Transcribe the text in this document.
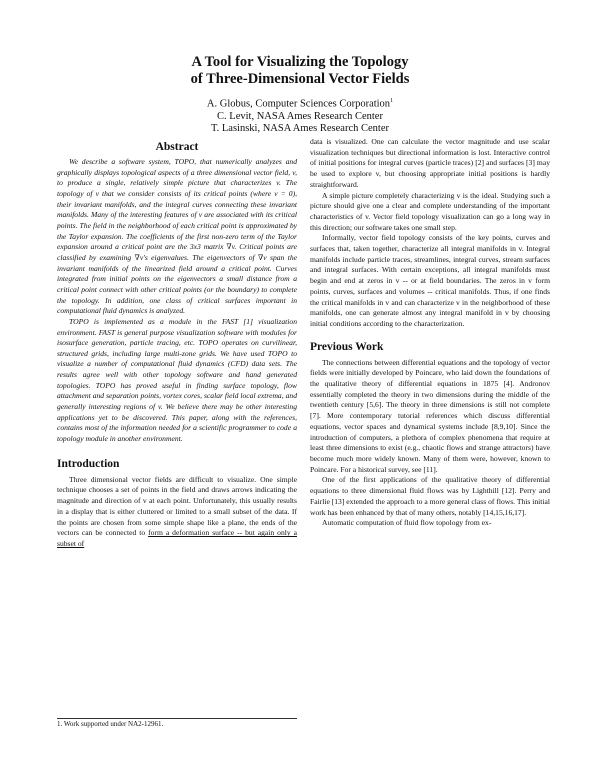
A Tool for Visualizing the Topology
of Three-Dimensional Vector Fields
A. Globus, Computer Sciences Corporation$^1$
C. Levit, NASA Ames Research Center
T. Lasinski, NASA Ames Research Center
Abstract

We describe a software system, TOPO, that numerically analyzes and graphically displays topological aspects of a three dimensional vector field, v, to produce a single, relatively simple picture that characterizes v. The topology of v that we consider consists of its critical points (where v = 0), their invariant manifolds, and the integral curves connecting these invariant manifolds. Many of the interesting features of v are associated with its critical points. The field in the neighborhood of each critical point is approximated by the Taylor expansion. The coefficients of the first non-zero term of the Taylor expansion around a critical point are the 3x3 matrix ∇v. Critical points are classified by examining ∇v's eigenvalues. The eigenvectors of ∇v span the invariant manifolds of the linearized field around a critical point. Curves integrated from initial points on the eigenvectors a small distance from a critical point connect with other critical points (or the boundary) to complete the topology. In addition, one class of critical surfaces important in computational fluid dynamics is analyzed.

TOPO is implemented as a module in the FAST [1] visualization environment. FAST is general purpose visualization software with modules for isosurface generation, particle tracing, etc. TOPO operates on curvilinear, structured grids, including large multi-zone grids. We have used TOPO to visualize a number of computational fluid dynamics (CFD) data sets. The results agree well with other topology software and hand generated topologies. TOPO has proved useful in finding surface topology, flow attachment and separation points, vortex cores, scalar field local extrema, and generally interesting regions of v. We believe there may be other interesting applications yet to be discovered. This paper, along with the references, contains most of the information needed for a scientific programmer to code a topology module in another environment.

Introduction

Three dimensional vector fields are difficult to visualize. One simple technique chooses a set of points in the field and draws arrows indicating the magnitude and direction of v at each point. Unfortunately, this usually results in a display that is either cluttered or limited to a small subset of the data. If the points are chosen from some simple shape like a plane, the ends of the vectors can be connected to form a deformation surface -- but again only a subset of

1. Work supported under NA2-12961.

data is visualized. One can calculate the vector magnitude and use scalar visualization techniques but directional information is lost. Interactive control of initial positions for integral curves (particle traces) [2] and surfaces [3] may be used to explore v, but choosing appropriate initial positions is hardly straightforward.

A simple picture completely characterizing v is the ideal. Studying such a picture should give one a clear and complete understanding of the important characteristics of v. Vector field topology visualization can go a long way in this direction; our software takes one small step.

Informally, vector field topology consists of the key points, curves and surfaces that, taken together, characterize all integral manifolds in v. Integral manifolds include particle traces, streamlines, integral curves, stream surfaces and integral surfaces. With certain exceptions, all integral manifolds must begin and end at zeros in v -- or at field boundaries. The zeros in v form points, curves, surfaces and volumes -- critical manifolds. Thus, if one finds the critical manifolds in v and can characterize v in the neighborhood of these manifolds, one can generate almost any integral manifold in v by choosing initial conditions according to the characterization.

Previous Work

The connections between differential equations and the topology of vector fields were initially developed by Poincare, who laid down the foundations of the qualitative theory of differential equations in 1875 [4]. Andronov essentially completed the theory in two dimensions during the middle of the twentieth century [5,6]. The theory in three dimensions is still not complete [7]. More contemporary tutorial references which discuss differential equations, vector spaces and dynamical systems include [8,9,10]. Since the introduction of computers, a plethora of complex phenomena that require at least three dimensions to exist (e.g., chaotic flows and strange attractors) have become much more widely known. Many of them were, however, known to Poincare. For a historical survey, see [11].

One of the first applications of the qualitative theory of differential equations to three dimensional fluid flows was by Lighthill [12]. Perry and Fairlie [13] extended the approach to a more general class of flows. This initial work has been enhanced by that of many others, notably [14,15,16,17].

Automatic computation of fluid flow topology from ex-
